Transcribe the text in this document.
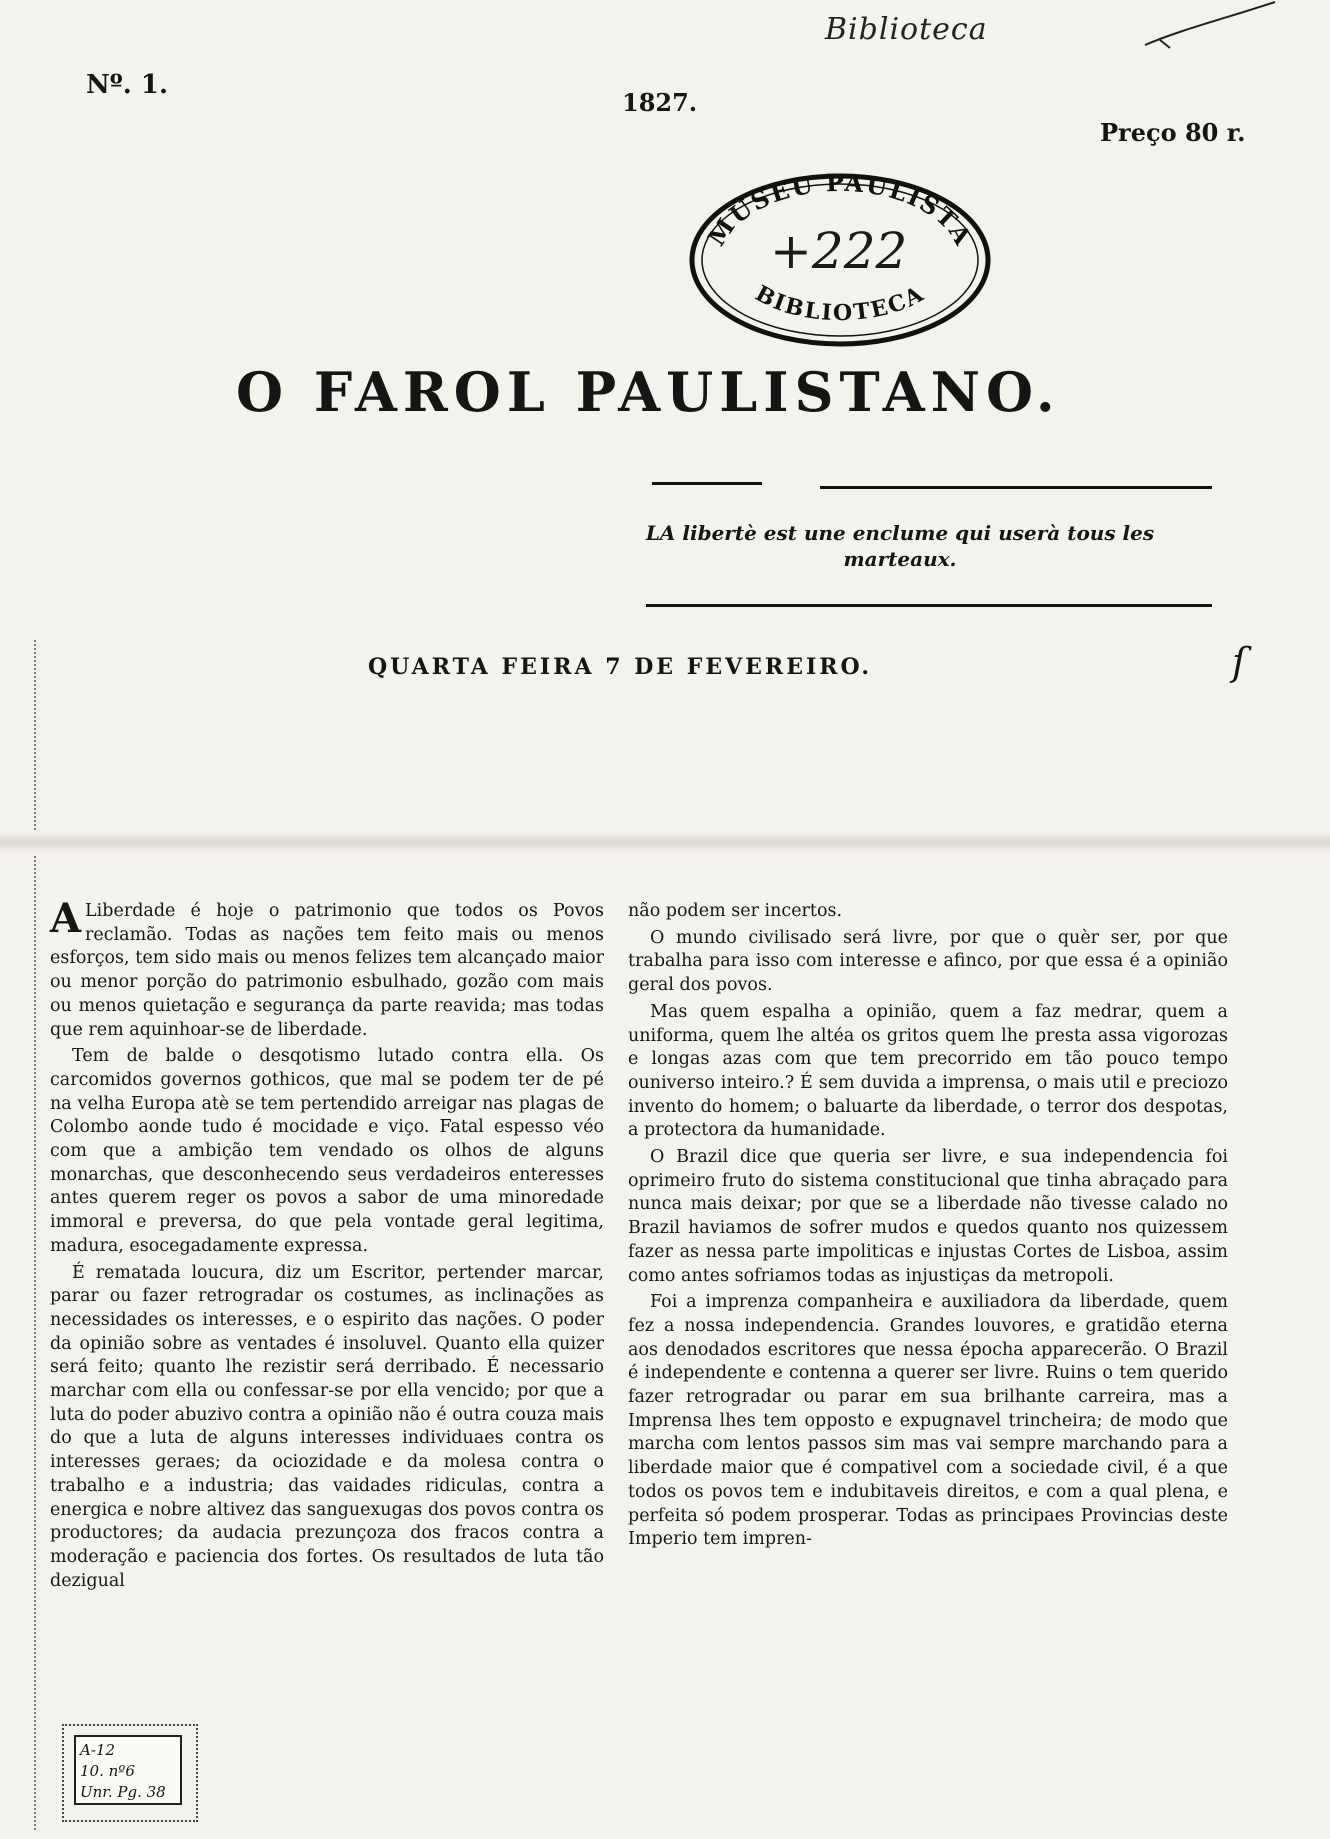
Biblioteca
Nº. 1.
1827.
Preço 80 r.
MUSEU PAULISTA
BIBLIOTECA
+222
O FAROL PAULISTANO.
LA libertè est une enclume qui userà tous les marteaux.
QUARTA FEIRA 7 DE FEVEREIRO.	ſ

A Liberdade é hoje o patrimonio que todos os Povos reclamão. Todas as nações tem feito mais ou menos esforços, tem sido mais ou menos felizes tem alcançado maior ou menor porção do patrimonio esbulhado, gozão com mais ou menos quietação e segurança da parte reavida; mas todas que rem aquinhoar-se de liberdade.

Tem de balde o desqotismo lutado contra ella. Os carcomidos governos gothicos, que mal se podem ter de pé na velha Europa atè se tem pertendido arreigar nas plagas de Colombo aonde tudo é mocidade e viço. Fatal espesso véo com que a ambição tem vendado os olhos de alguns monarchas, que desconhecendo seus verdadeiros enteresses antes querem reger os povos a sabor de uma minoredade immoral e preversa, do que pela vontade geral legitima, madura, esocegadamente expressa.

É rematada loucura, diz um Escritor, pertender marcar, parar ou fazer retrogradar os costumes, as inclinações as necessidades os interesses, e o espirito das nações. O poder da opinião sobre as ventades é insoluvel. Quanto ella quizer será feito; quanto lhe rezistir será derribado. É necessario marchar com ella ou confessar-se por ella vencido; por que a luta do poder abuzivo contra a opinião não é outra couza mais do que a luta de alguns interesses individuaes contra os interesses geraes; da ociozidade e da molesa contra o trabalho e a industria; das vaidades ridiculas, contra a energica e nobre altivez das sanguexugas dos povos contra os productores; da audacia prezunçoza dos fracos contra a moderação e paciencia dos fortes. Os resultados de luta tão dezigual

não podem ser incertos.

O mundo civilisado será livre, por que o quèr ser, por que trabalha para isso com interesse e afinco, por que essa é a opinião geral dos povos.

Mas quem espalha a opinião, quem a faz medrar, quem a uniforma, quem lhe altéa os gritos quem lhe presta assa vigorozas e longas azas com que tem precorrido em tão pouco tempo ouniverso inteiro.? É sem duvida a imprensa, o mais util e preciozo invento do homem; o baluarte da liberdade, o terror dos despotas, a protectora da humanidade.

O Brazil dice que queria ser livre, e sua independencia foi oprimeiro fruto do sistema constitucional que tinha abraçado para nunca mais deixar; por que se a liberdade não tivesse calado no Brazil haviamos de sofrer mudos e quedos quanto nos quizessem fazer as nessa parte impoliticas e injustas Cortes de Lisboa, assim como antes sofriamos todas as injustiças da metropoli.

Foi a imprenza companheira e auxiliadora da liberdade, quem fez a nossa independencia. Grandes louvores, e gratidão eterna aos denodados escritores que nessa épocha apparecerão. O Brazil é independente e contenna a querer ser livre. Ruins o tem querido fazer retrogradar ou parar em sua brilhante carreira, mas a Imprensa lhes tem opposto e expugnavel trincheira; de modo que marcha com lentos passos sim mas vai sempre marchando para a liberdade maior que é compativel com a sociedade civil, é a que todos os povos tem e indubitaveis direitos, e com a qual plena, e perfeita só podem prosperar. Todas as principaes Provincias deste Imperio tem impren-

A-12
10. nº6
Unr. Pg. 38
